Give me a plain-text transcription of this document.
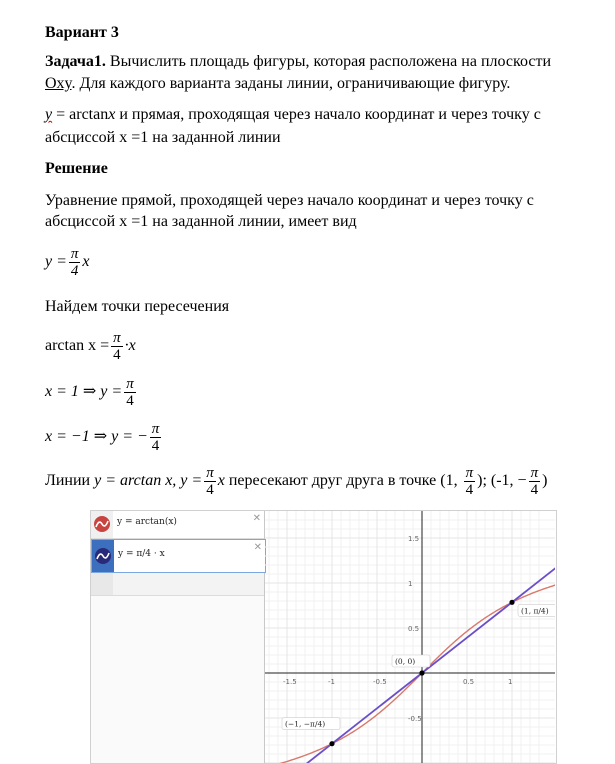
Вариант 3
Задача1. Вычислить площадь фигуры, которая расположена на плоскости
Oxy. Для каждого варианта заданы линии, ограничивающие фигуру.
y = arctanx и прямая, проходящая через начало координат и через точку с
абсциссой x =1 на заданной линии
Решение
Уравнение прямой, проходящей через начало координат и через точку с
абсциссой x =1 на заданной линии, имеет вид
$y = \frac{\pi}{4}$ x
Найдем точки пересечения
$\arctan x = \frac{\pi}{4} \cdot x$
x = 1 ⇒ $y = \frac{\pi}{4}$
x = −1 ⇒ y = − $\frac{\pi}{4}$
Линии y = arctan x, $y = \frac{\pi}{4}$ x пересекают друг друга в точке (1, $\frac{\pi}{4}$ ); (-1, − $\frac{\pi}{4}$ )
y = arctan(x)	✕
y = π/4 · x
✕
-1.5	-1	-0.5	0.5	1
1.5
1
0.5
-0.5
(1, π/4)
(0, 0)
(−1, −π/4)
